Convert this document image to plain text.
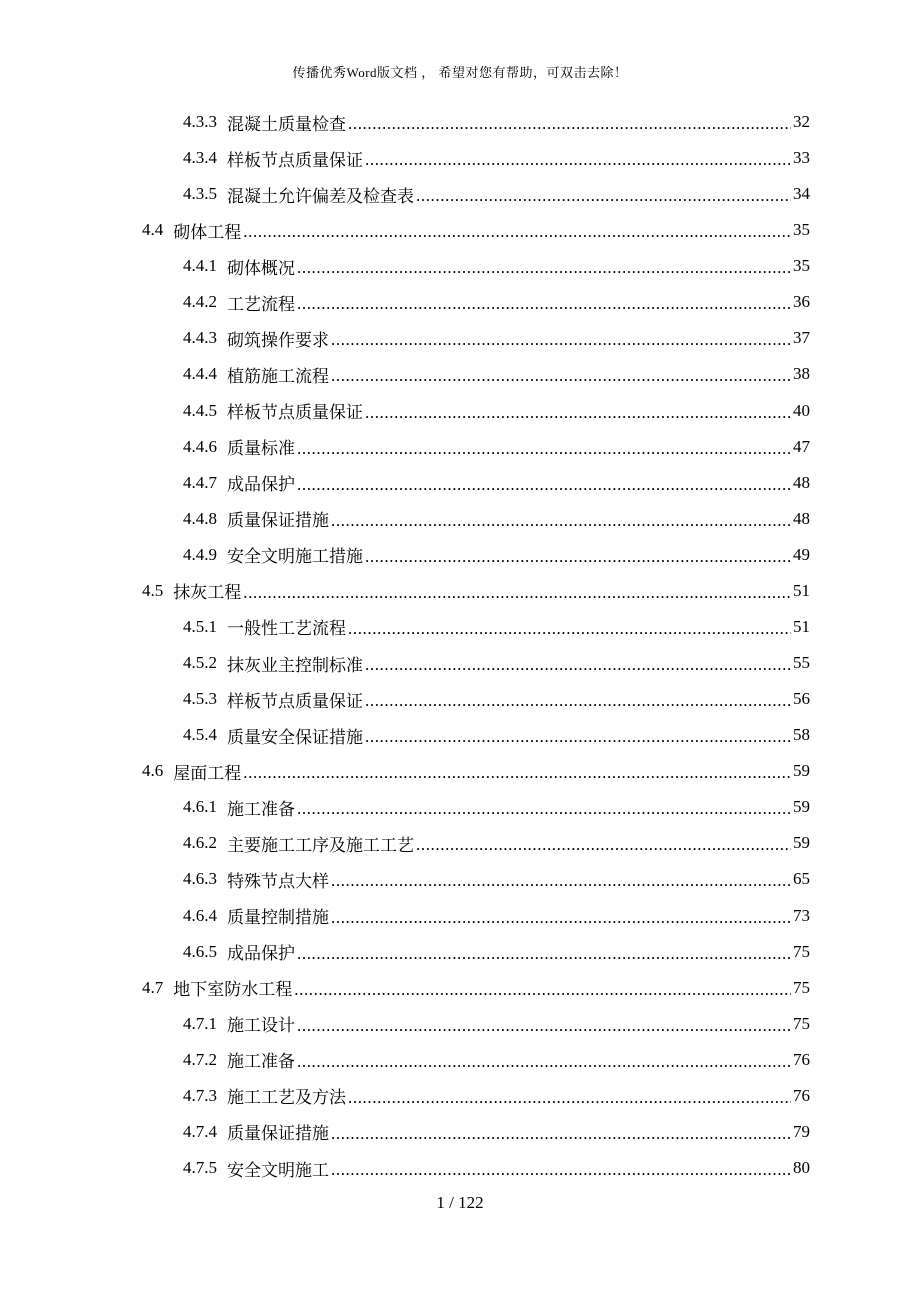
传播优秀Word版文档 ， 希望对您有帮助，可双击去除！
4.3.3 混凝土质量检查 .....	32
4.3.4 样板节点质量保证 .....	33
4.3.5 混凝土允许偏差及检查表 .....	34
4.4 砌体工程 .....	35
4.4.1 砌体概况 .....	35
4.4.2 工艺流程 .....	36
4.4.3 砌筑操作要求 .....	37
4.4.4 植筋施工流程 .....	38
4.4.5 样板节点质量保证 .....	40
4.4.6 质量标准 .....	47
4.4.7 成品保护 .....	48
4.4.8 质量保证措施 .....	48
4.4.9 安全文明施工措施 .....	49
4.5 抹灰工程 .....	51
4.5.1 一般性工艺流程 .....	51
4.5.2 抹灰业主控制标准 .....	55
4.5.3 样板节点质量保证 .....	56
4.5.4 质量安全保证措施 .....	58
4.6 屋面工程 .....	59
4.6.1 施工准备 .....	59
4.6.2 主要施工工序及施工工艺 .....	59
4.6.3 特殊节点大样 .....	65
4.6.4 质量控制措施 .....	73
4.6.5 成品保护 .....	75
4.7 地下室防水工程 .....	75
4.7.1 施工设计 .....	75
4.7.2 施工准备 .....	76
4.7.3 施工工艺及方法 .....	76
4.7.4 质量保证措施 .....	79
4.7.5 安全文明施工 .....	80
1 / 122
